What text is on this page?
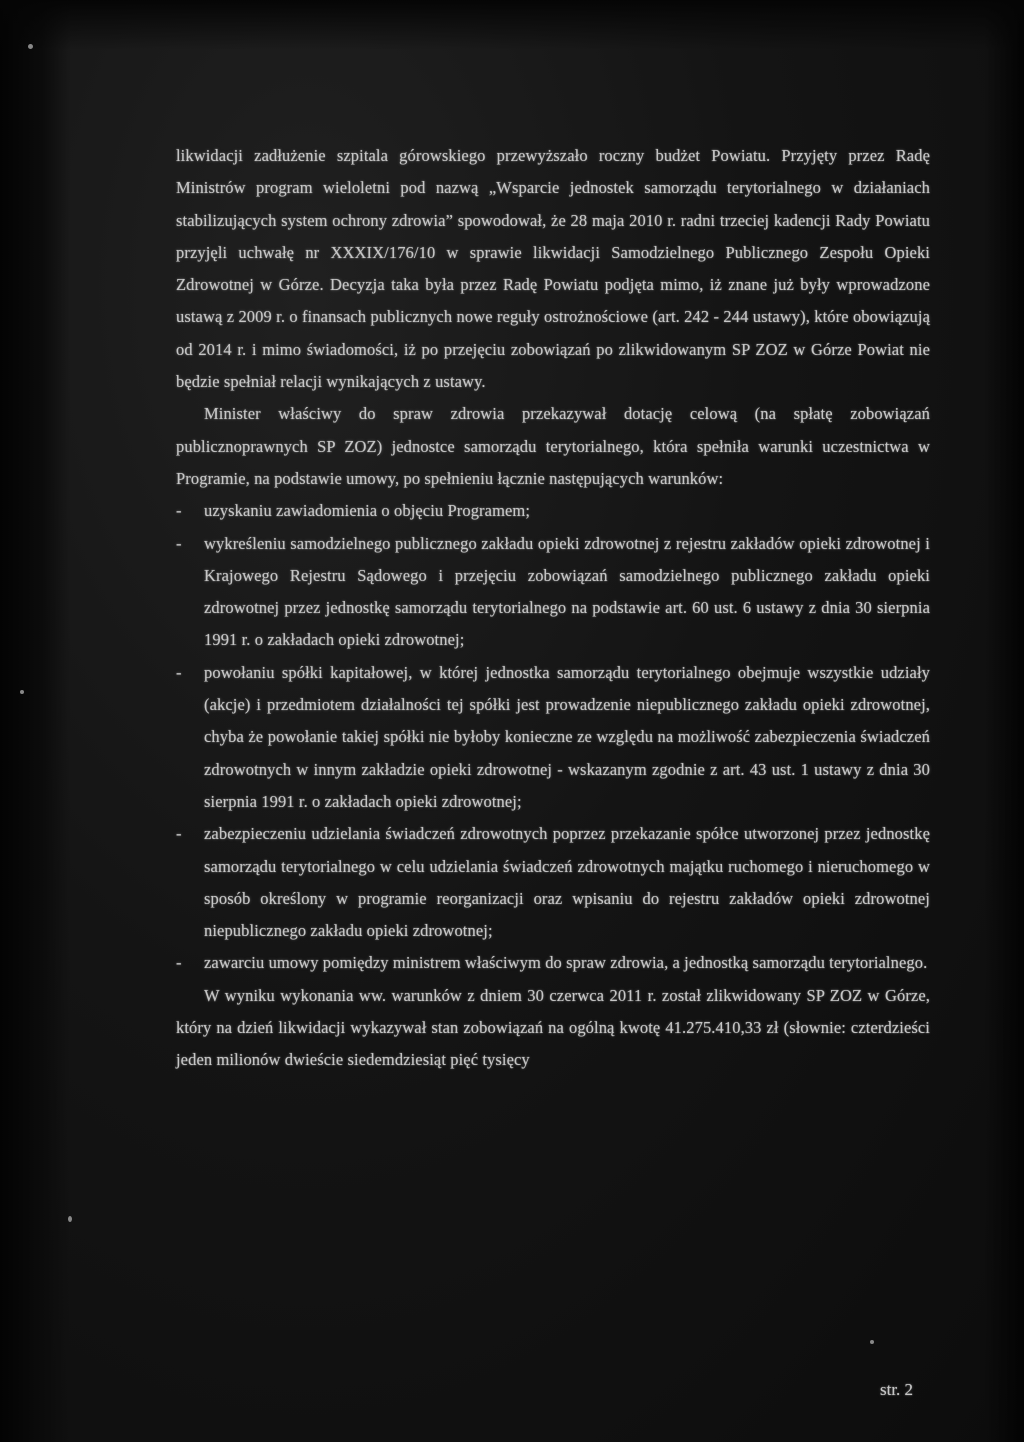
likwidacji zadłużenie szpitala górowskiego przewyższało roczny budżet Powiatu. Przyjęty przez Radę Ministrów program wieloletni pod nazwą „Wsparcie jednostek samorządu terytorialnego w działaniach stabilizujących system ochrony zdrowia” spowodował, że 28 maja 2010 r. radni trzeciej kadencji Rady Powiatu przyjęli uchwałę nr XXXIX/176/10 w sprawie likwidacji Samodzielnego Publicznego Zespołu Opieki Zdrowotnej w Górze. Decyzja taka była przez Radę Powiatu podjęta mimo, iż znane już były wprowadzone ustawą z 2009 r. o finansach publicznych nowe reguły ostrożnościowe (art. 242 - 244 ustawy), które obowiązują od 2014 r. i mimo świadomości, iż po przejęciu zobowiązań po zlikwidowanym SP ZOZ w Górze Powiat nie będzie spełniał relacji wynikających z ustawy.

Minister właściwy do spraw zdrowia przekazywał dotację celową (na spłatę zobowiązań publicznoprawnych SP ZOZ) jednostce samorządu terytorialnego, która spełniła warunki uczestnictwa w Programie, na podstawie umowy, po spełnieniu łącznie następujących warunków:

- uzyskaniu zawiadomienia o objęciu Programem;
- wykreśleniu samodzielnego publicznego zakładu opieki zdrowotnej z rejestru zakładów opieki zdrowotnej i Krajowego Rejestru Sądowego i przejęciu zobowiązań samodzielnego publicznego zakładu opieki zdrowotnej przez jednostkę samorządu terytorialnego na podstawie art. 60 ust. 6 ustawy z dnia 30 sierpnia 1991 r. o zakładach opieki zdrowotnej;
- powołaniu spółki kapitałowej, w której jednostka samorządu terytorialnego obejmuje wszystkie udziały (akcje) i przedmiotem działalności tej spółki jest prowadzenie niepublicznego zakładu opieki zdrowotnej, chyba że powołanie takiej spółki nie byłoby konieczne ze względu na możliwość zabezpieczenia świadczeń zdrowotnych w innym zakładzie opieki zdrowotnej - wskazanym zgodnie z art. 43 ust. 1 ustawy z dnia 30 sierpnia 1991 r. o zakładach opieki zdrowotnej;
- zabezpieczeniu udzielania świadczeń zdrowotnych poprzez przekazanie spółce utworzonej przez jednostkę samorządu terytorialnego w celu udzielania świadczeń zdrowotnych majątku ruchomego i nieruchomego w sposób określony w programie reorganizacji oraz wpisaniu do rejestru zakładów opieki zdrowotnej niepublicznego zakładu opieki zdrowotnej;
- zawarciu umowy pomiędzy ministrem właściwym do spraw zdrowia, a jednostką samorządu terytorialnego.

W wyniku wykonania ww. warunków z dniem 30 czerwca 2011 r. został zlikwidowany SP ZOZ w Górze, który na dzień likwidacji wykazywał stan zobowiązań na ogólną kwotę 41.275.410,33 zł (słownie: czterdzieści jeden milionów dwieście siedemdziesiąt pięć tysięcy

str. 2
